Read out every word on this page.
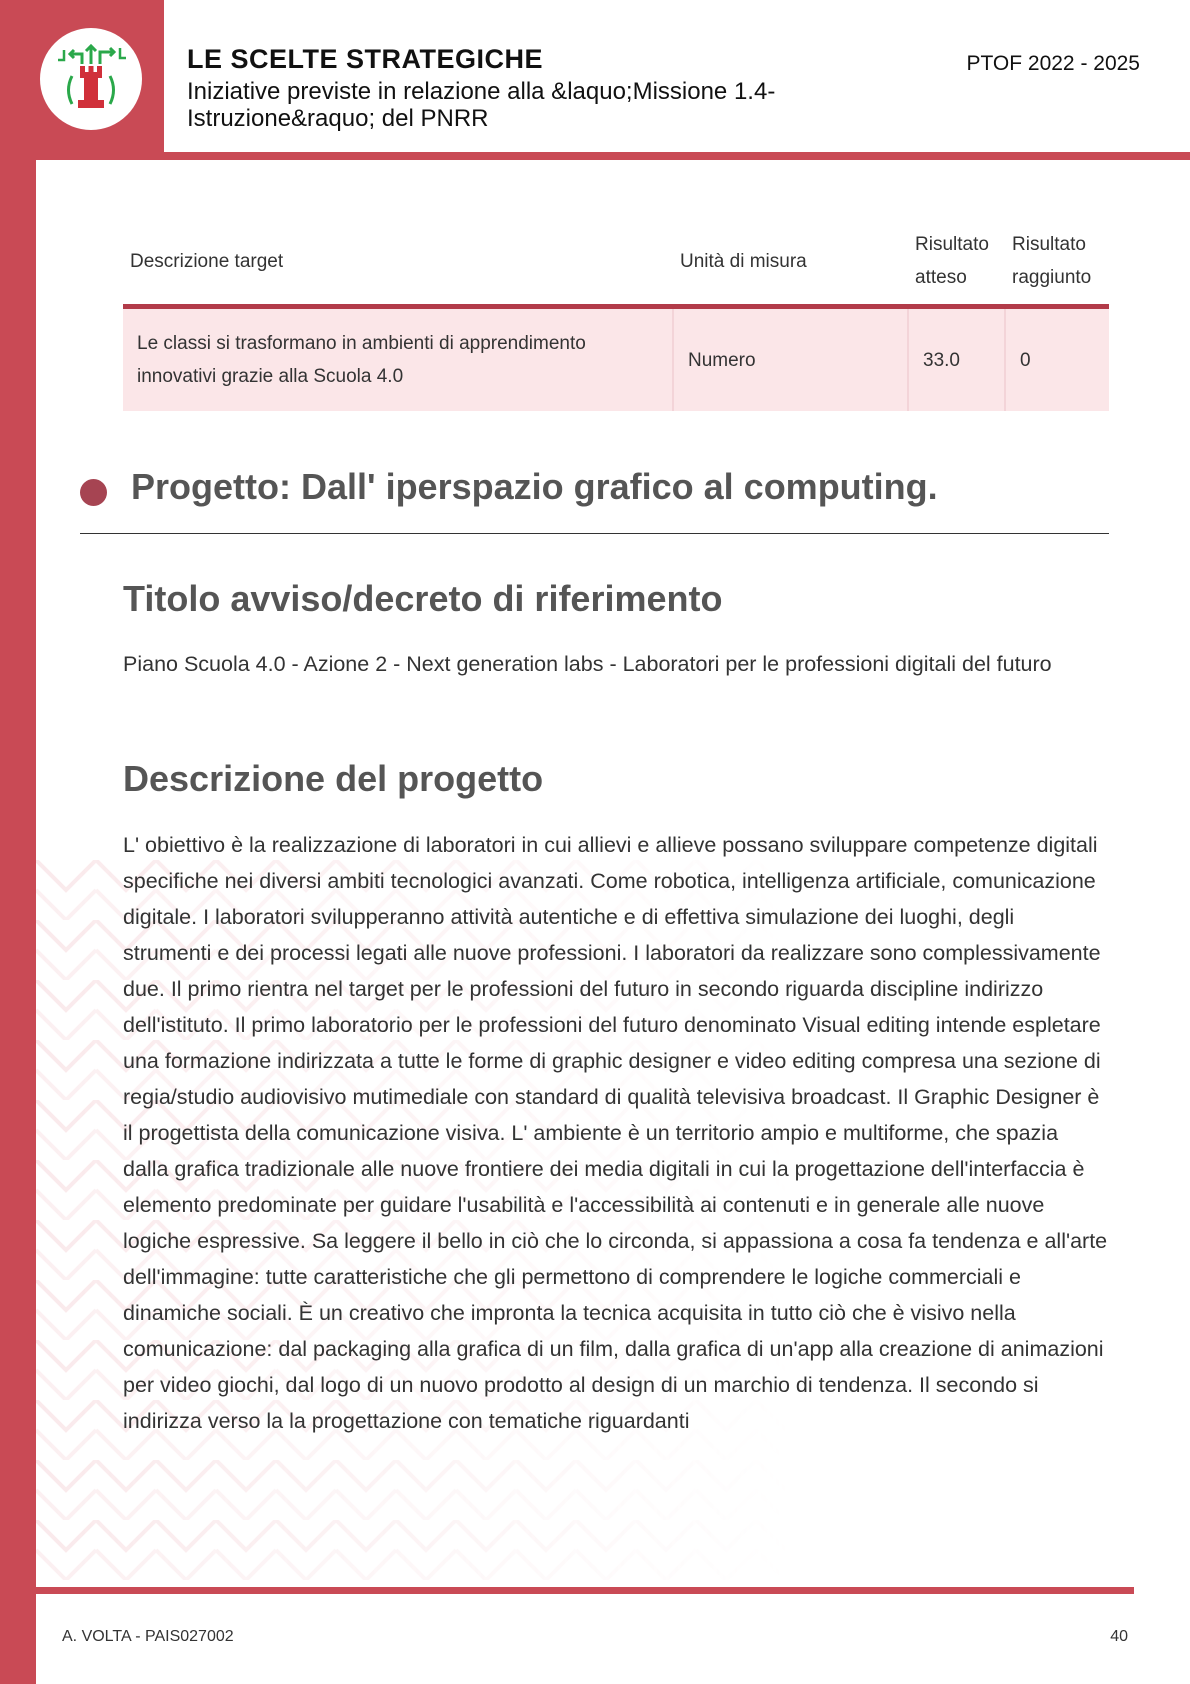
LE SCELTE STRATEGICHE
Iniziative previste in relazione alla &laquo;Missione 1.4-Istruzione&raquo; del PNRR
PTOF 2022 - 2025
Descrizione target	Unità di misura	Risultato atteso	Risultato raggiunto
Le classi si trasformano in ambienti di apprendimento innovativi grazie alla Scuola 4.0	Numero	33.0	0
Progetto: Dall' iperspazio grafico al computing.
Titolo avviso/decreto di riferimento
Piano Scuola 4.0 - Azione 2 - Next generation labs - Laboratori per le professioni digitali del futuro
Descrizione del progetto
L' obiettivo è la realizzazione di laboratori in cui allievi e allieve possano sviluppare competenze digitali specifiche nei diversi ambiti tecnologici avanzati. Come robotica, intelligenza artificiale, comunicazione digitale. I laboratori svilupperanno attività autentiche e di effettiva simulazione dei luoghi, degli strumenti e dei processi legati alle nuove professioni. I laboratori da realizzare sono complessivamente due. Il primo rientra nel target per le professioni del futuro in secondo riguarda discipline indirizzo dell'istituto. Il primo laboratorio per le professioni del futuro denominato Visual editing intende espletare una formazione indirizzata a tutte le forme di graphic designer e video editing compresa una sezione di regia/studio audiovisivo mutimediale con standard di qualità televisiva broadcast. Il Graphic Designer è il progettista della comunicazione visiva. L' ambiente è un territorio ampio e multiforme, che spazia dalla grafica tradizionale alle nuove frontiere dei media digitali in cui la progettazione dell'interfaccia è elemento predominate per guidare l'usabilità e l'accessibilità ai contenuti e in generale alle nuove logiche espressive. Sa leggere il bello in ciò che lo circonda, si appassiona a cosa fa tendenza e all'arte dell'immagine: tutte caratteristiche che gli permettono di comprendere le logiche commerciali e dinamiche sociali. È un creativo che impronta la tecnica acquisita in tutto ciò che è visivo nella comunicazione: dal packaging alla grafica di un film, dalla grafica di un'app alla creazione di animazioni per video giochi, dal logo di un nuovo prodotto al design di un marchio di tendenza. Il secondo si indirizza verso la la progettazione con tematiche riguardanti
A. VOLTA - PAIS027002	40
